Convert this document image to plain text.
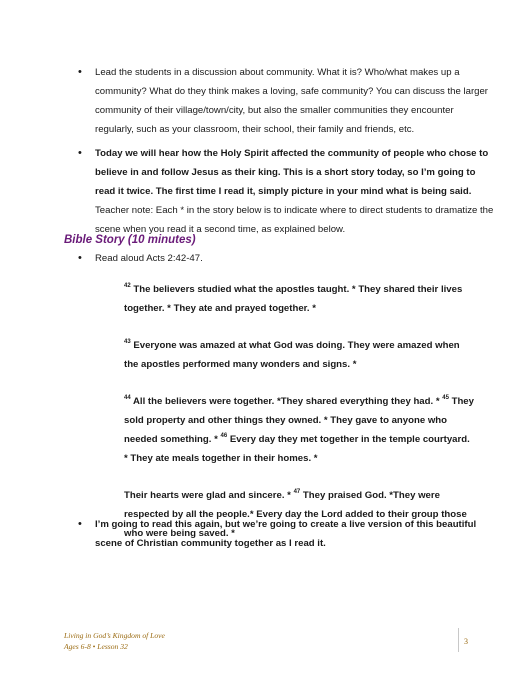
• Lead the students in a discussion about community. What it is? Who/what makes up a community? What do they think makes a loving, safe community? You can discuss the larger community of their village/town/city, but also the smaller communities they encounter regularly, such as your classroom, their school, their family and friends, etc.
• Today we will hear how the Holy Spirit affected the community of people who chose to believe in and follow Jesus as their king. This is a short story today, so I’m going to read it twice. The first time I read it, simply picture in your mind what is being said. Teacher note: Each * in the story below is to indicate where to direct students to dramatize the scene when you read it a second time, as explained below.
Bible Story (10 minutes)
• Read aloud Acts 2:42-47.

$^{42}$ The believers studied what the apostles taught. * They shared their lives together. * They ate and prayed together. *

$^{43}$ Everyone was amazed at what God was doing. They were amazed when the apostles performed many wonders and signs. *

$^{44}$ All the believers were together. *They shared everything they had. * $^{45}$ They sold property and other things they owned. * They gave to anyone who needed something. * $^{46}$ Every day they met together in the temple courtyard. * They ate meals together in their homes. *

Their hearts were glad and sincere. * $^{47}$ They praised God. *They were respected by all the people.* Every day the Lord added to their group those who were being saved. *

• I’m going to read this again, but we’re going to create a live version of this beautiful scene of Christian community together as I read it.
Living in God’s Kingdom of Love
Ages 6-8 • Lesson 32
3
